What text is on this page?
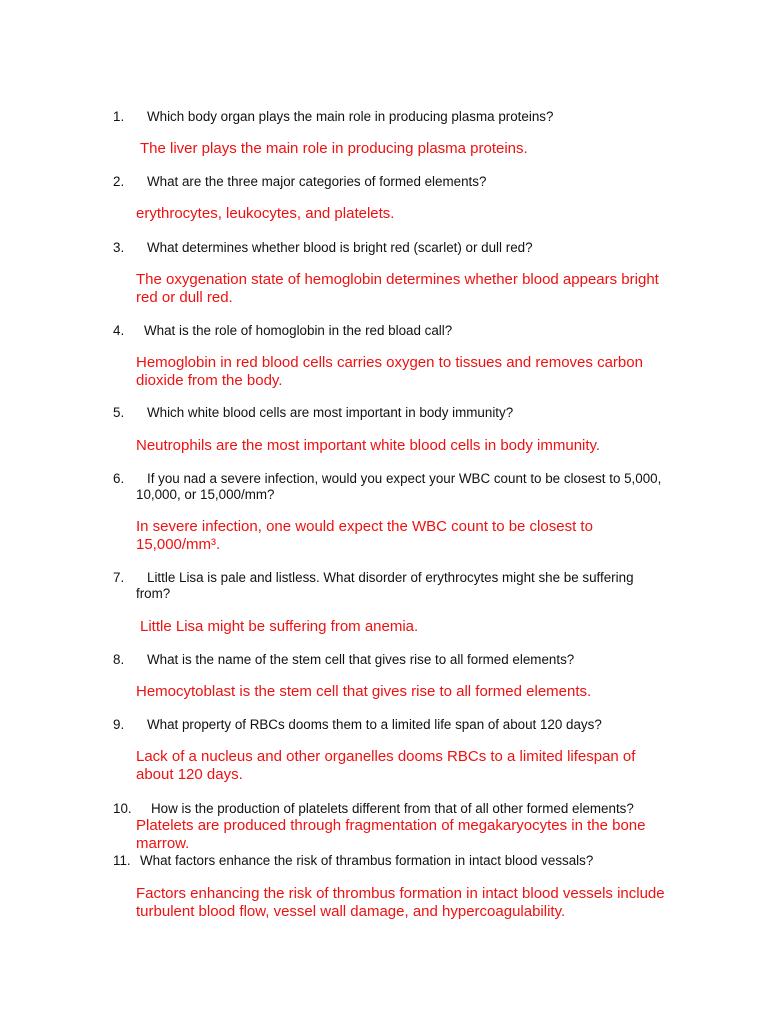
1. Which body organ plays the main role in producing plasma proteins?
The liver plays the main role in producing plasma proteins.
2. What are the three major categories of formed elements?
erythrocytes, leukocytes, and platelets.
3. What determines whether blood is bright red (scarlet) or dull red?
The oxygenation state of hemoglobin determines whether blood appears bright
red or dull red.
4. What is the role of homoglobin in the red bload call?
Hemoglobin in red blood cells carries oxygen to tissues and removes carbon
dioxide from the body.
5. Which white blood cells are most important in body immunity?
Neutrophils are the most important white blood cells in body immunity.
6. If you nad a severe infection, would you expect your WBC count to be closest to 5,000,
10,000, or 15,000/mm?
In severe infection, one would expect the WBC count to be closest to
15,000/mm³.
7. Little Lisa is pale and listless. What disorder of erythrocytes might she be suffering
from?
Little Lisa might be suffering from anemia.
8. What is the name of the stem cell that gives rise to all formed elements?
Hemocytoblast is the stem cell that gives rise to all formed elements.
9. What property of RBCs dooms them to a limited life span of about 120 days?
Lack of a nucleus and other organelles dooms RBCs to a limited lifespan of
about 120 days.
10. How is the production of platelets different from that of all other formed elements?
Platelets are produced through fragmentation of megakaryocytes in the bone
marrow.
11. What factors enhance the risk of thrambus formation in intact blood vessals?
Factors enhancing the risk of thrombus formation in intact blood vessels include
turbulent blood flow, vessel wall damage, and hypercoagulability.
